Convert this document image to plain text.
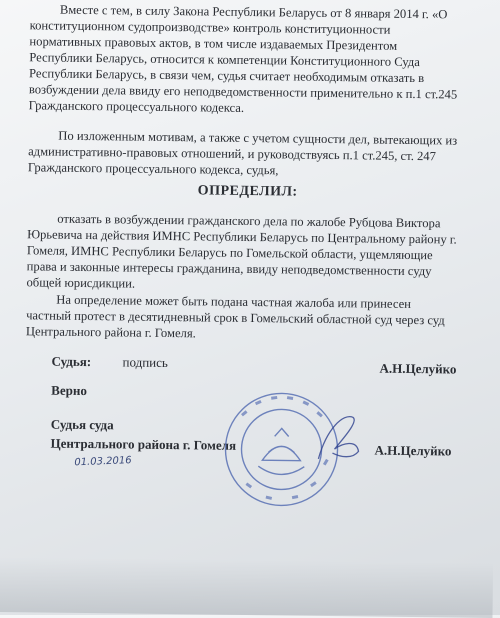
Вместе с тем, в силу Закона Республики Беларусь от 8 января 2014 г. «О
конституционном судопроизводстве» контроль конституционности
нормативных правовых актов, в том числе издаваемых Президентом
Республики Беларусь, относится к компетенции Конституционного Суда
Республики Беларусь, в связи чем, судья считает необходимым отказать в
возбуждении дела ввиду его неподведомственности применительно к п.1 ст.245
Гражданского процессуального кодекса.

По изложенным мотивам, а также с учетом сущности дел, вытекающих из
административно-правовых отношений, и руководствуясь п.1 ст.245, ст. 247
Гражданского процессуального кодекса, судья,

ОПРЕДЕЛИЛ:

отказать в возбуждении гражданского дела по жалобе Рубцова Виктора
Юрьевича на действия ИМНС Республики Беларусь по Центральному району г.
Гомеля, ИМНС Республики Беларусь по Гомельской области, ущемляющие
права и законные интересы гражданина, ввиду неподведомственности суду
общей юрисдикции.

На определение может быть подана частная жалоба или принесен
частный протест в десятидневный срок в Гомельский областной суд через суд
Центрального района г. Гомеля.

Судья: подпись	А.Н.Целуйко
Верно
Судья суда
Центрального района г. Гомеля	А.Н.Целуйко
01.03.2016
